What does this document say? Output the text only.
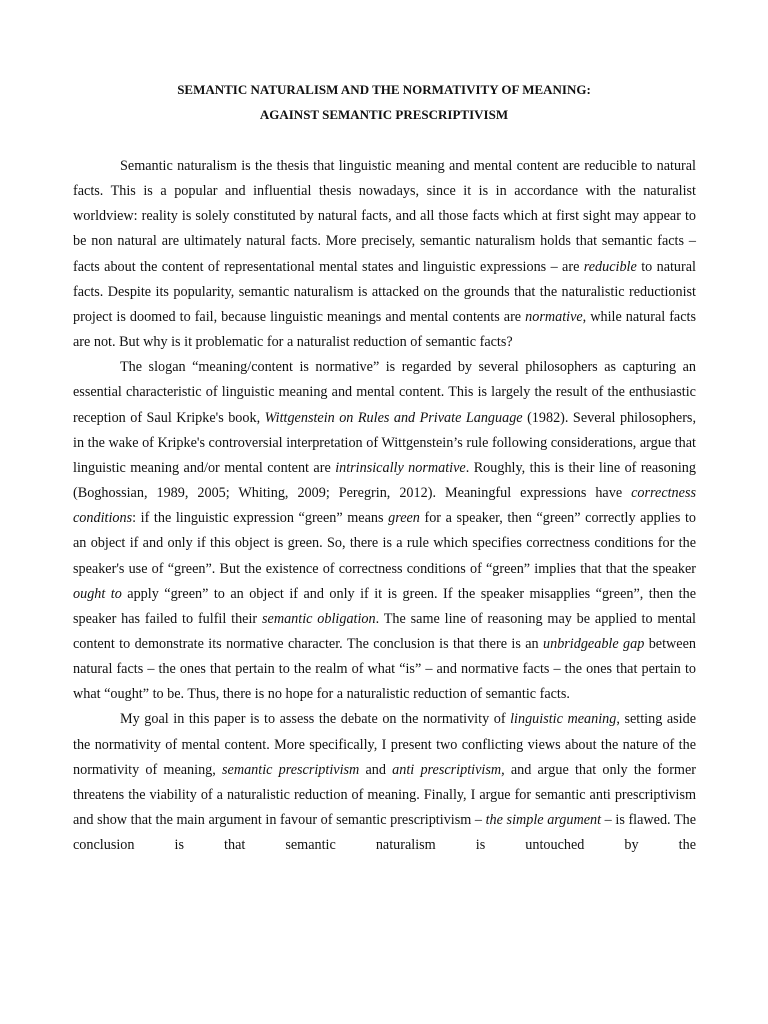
SEMANTIC NATURALISM AND THE NORMATIVITY OF MEANING:
AGAINST SEMANTIC PRESCRIPTIVISM

Semantic naturalism is the thesis that linguistic meaning and mental content are reducible to natural facts. This is a popular and influential thesis nowadays, since it is in accordance with the naturalist worldview: reality is solely constituted by natural facts, and all those facts which at first sight may appear to be non natural are ultimately natural facts. More precisely, semantic naturalism holds that semantic facts – facts about the content of representational mental states and linguistic expressions – are reducible to natural facts. Despite its popularity, semantic naturalism is attacked on the grounds that the naturalistic reductionist project is doomed to fail, because linguistic meanings and mental contents are normative, while natural facts are not. But why is it problematic for a naturalist reduction of semantic facts?

The slogan “meaning/content is normative” is regarded by several philosophers as capturing an essential characteristic of linguistic meaning and mental content. This is largely the result of the enthusiastic reception of Saul Kripke's book, Wittgenstein on Rules and Private Language (1982). Several philosophers, in the wake of Kripke's controversial interpretation of Wittgenstein’s rule following considerations, argue that linguistic meaning and/or mental content are intrinsically normative. Roughly, this is their line of reasoning (Boghossian, 1989, 2005; Whiting, 2009; Peregrin, 2012). Meaningful expressions have correctness conditions: if the linguistic expression “green” means green for a speaker, then “green” correctly applies to an object if and only if this object is green. So, there is a rule which specifies correctness conditions for the speaker's use of “green”. But the existence of correctness conditions of “green” implies that that the speaker ought to apply “green” to an object if and only if it is green. If the speaker misapplies “green”, then the speaker has failed to fulfil their semantic obligation. The same line of reasoning may be applied to mental content to demonstrate its normative character. The conclusion is that there is an unbridgeable gap between natural facts – the ones that pertain to the realm of what “is” – and normative facts – the ones that pertain to what “ought” to be. Thus, there is no hope for a naturalistic reduction of semantic facts.

My goal in this paper is to assess the debate on the normativity of linguistic meaning, setting aside the normativity of mental content. More specifically, I present two conflicting views about the nature of the normativity of meaning, semantic prescriptivism and anti prescriptivism, and argue that only the former threatens the viability of a naturalistic reduction of meaning. Finally, I argue for semantic anti prescriptivism and show that the main argument in favour of semantic prescriptivism – the simple argument – is flawed. The conclusion is that semantic naturalism is untouched by the
